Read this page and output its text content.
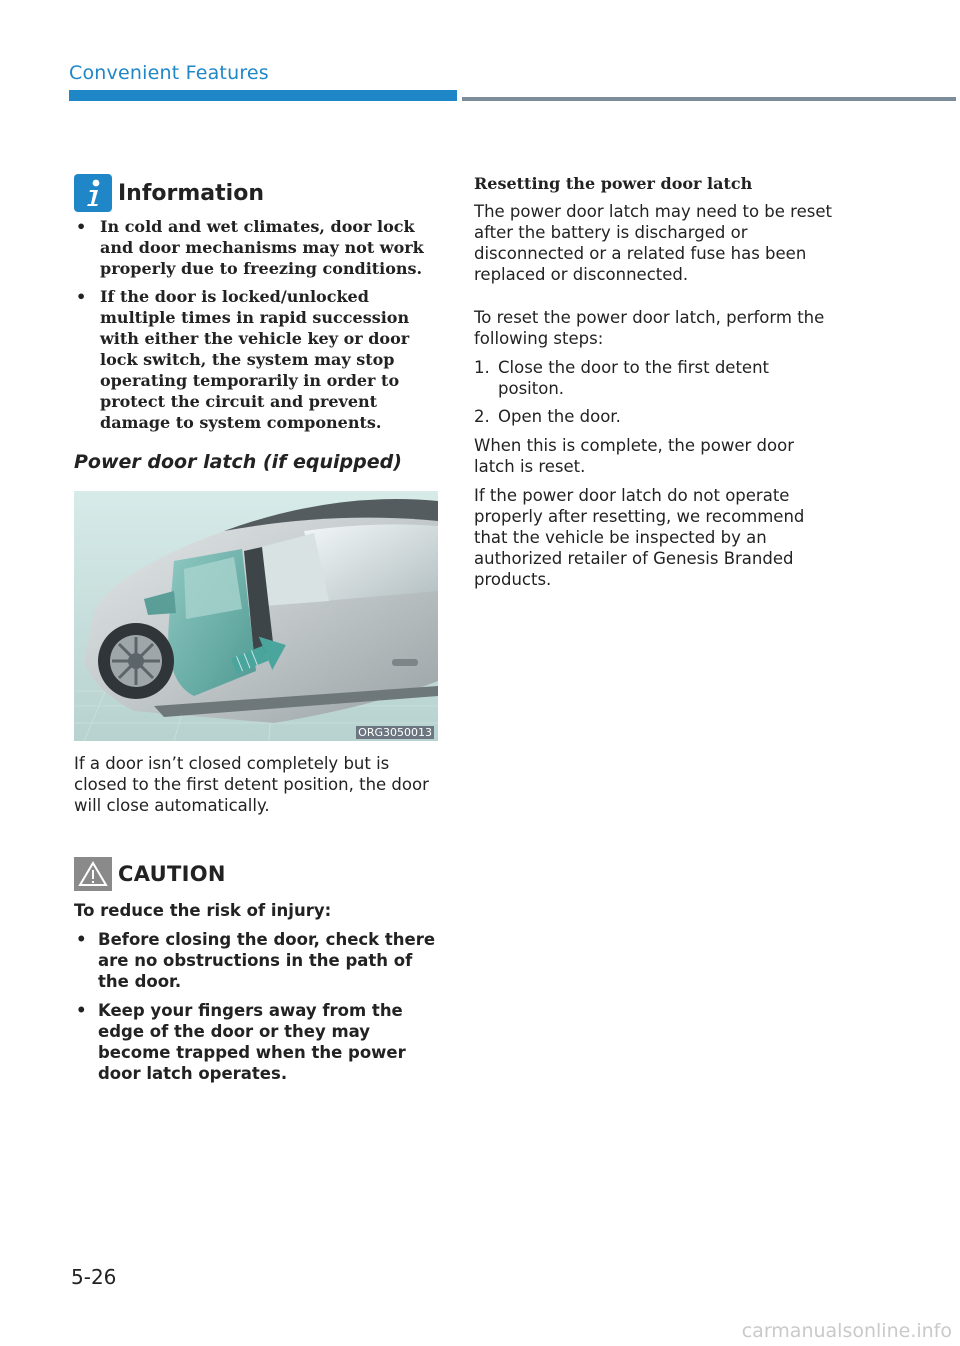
Convenient Features
Information
• In cold and wet climates, door lock and door mechanisms may not work properly due to freezing conditions.
• If the door is locked/unlocked multiple times in rapid succession with either the vehicle key or door lock switch, the system may stop operating temporarily in order to protect the circuit and prevent damage to system components.
Power door latch (if equipped)
ORG3050013

If a door isn’t closed completely but is closed to the first detent position, the door will close automatically.

CAUTION

To reduce the risk of injury:

• Before closing the door, check there are no obstructions in the path of the door.
• Keep your fingers away from the edge of the door or they may become trapped when the power door latch operates.
Resetting the power door latch

The power door latch may need to be reset after the battery is discharged or disconnected or a related fuse has been replaced or disconnected.

To reset the power door latch, perform the following steps:

1. Close the door to the first detent positon.
2. Open the door.

When this is complete, the power door latch is reset.

If the power door latch do not operate properly after resetting, we recommend that the vehicle be inspected by an authorized retailer of Genesis Branded products.

5-26
carmanualsonline.info
